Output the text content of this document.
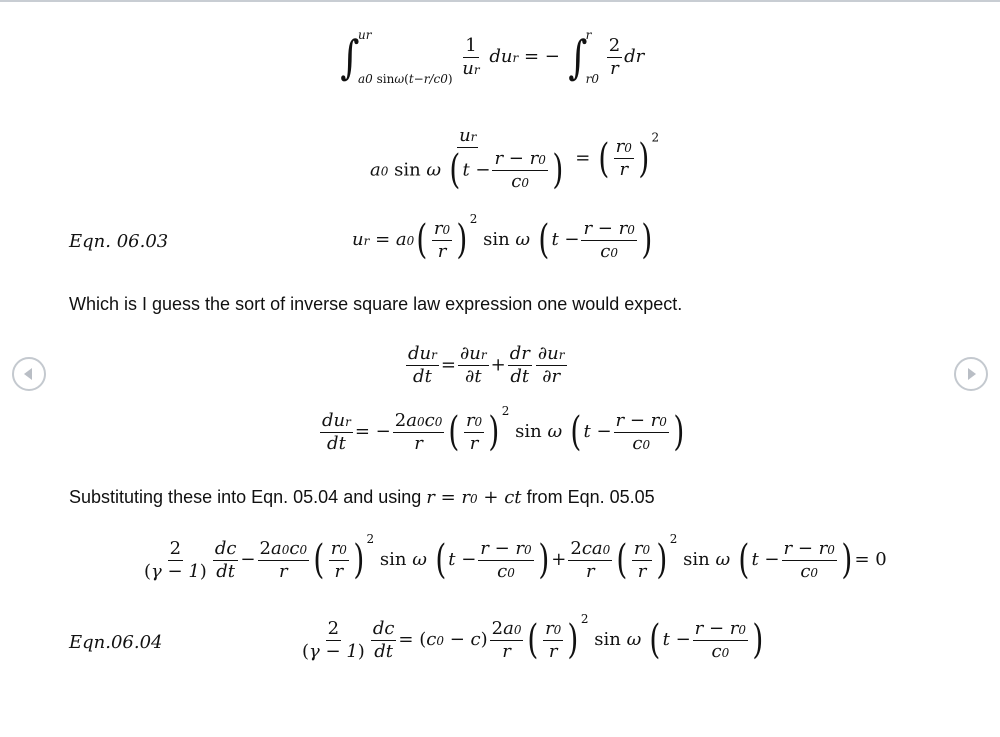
∫
ur
a0 sinω(t−r/c0)

$\frac{1}{ur}$ dur = − ∫
r
r0

$\frac{2}{r}$ dr
$\frac{ur}{a0 \sin \omega ( t - \frac{r - r0}{c0} )}$ = ( $\frac{r0}{r}$ ) $^2$
Eqn. 06.03	ur = $a0( \frac{r0}{r}$ ) $^2$ sin ω ( $t - \frac{r - r0}{c0}$ )
Which is I guess the sort of inverse square law expression one would expect.
$\frac{\text{dur}}{dt} = \frac{\partial ur}{\partial t} + \frac{dr}{dt} \frac{\partial ur}{\partial r}$
$\frac{\text{dur}}{dt}$ = − $\frac{2a0c0}{r}$ ( $\frac{r0}{r}$ ) $^2$ sin ω ( $t - \frac{r - r0}{c0}$ )
Substituting these into Eqn. 05.04 and using r = r0 + ct from Eqn. 05.05
$\frac{2}{(\gamma - 1)} \frac{dc}{dt} - \frac{2a0c0}{r}$ ( $\frac{r0}{r}$ ) $^2$ sin ω ( $t - \frac{r - r0}{c0}$ ) + $\frac{2ca0}{r}$ ( $\frac{r0}{r}$ ) $^2$ sin ω ( $t - \frac{r - r0}{c0}$ ) = 0
Eqn.06.04	$\frac{2}{(\gamma - 1)} \frac{dc}{dt} = (c0 - c) \frac{2a0}{r}$ ( $\frac{r0}{r}$ ) $^2$ sin ω ( $t - \frac{r - r0}{c0}$ )
